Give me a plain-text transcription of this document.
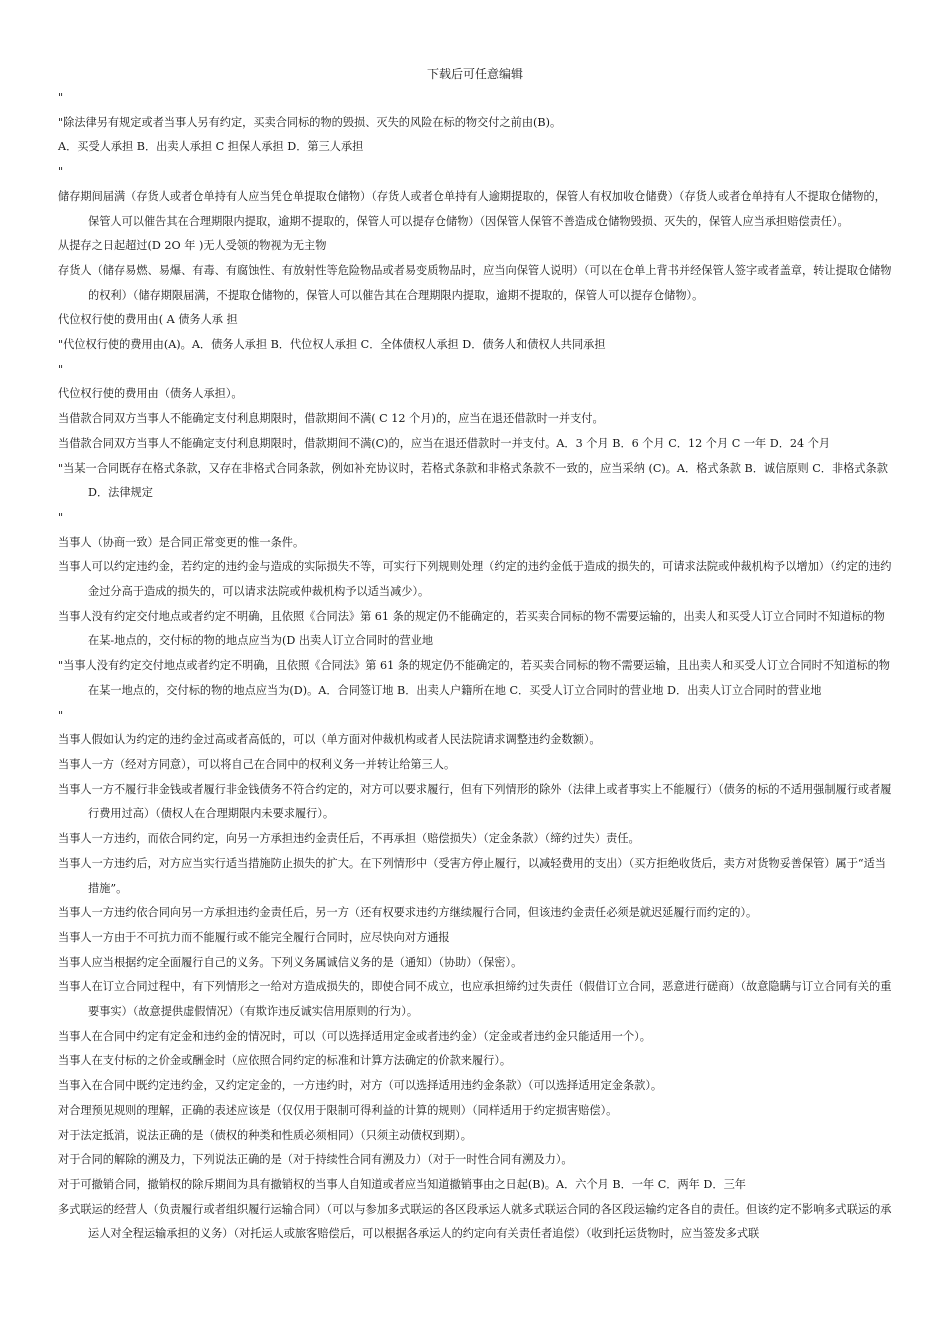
下载后可任意编辑

"

"除法律另有规定或者当事人另有约定，买卖合同标的物的毁损、灭失的风险在标的物交付之前由(B)。

A．买受人承担 B．出卖人承担 C 担保人承担 D．第三人承担

"

储存期间届满（存货人或者仓单持有人应当凭仓单提取仓储物）（存货人或者仓单持有人逾期提取的，保管人有权加收仓储费）（存货人或者仓单持有人不提取仓储物的，保管人可以催告其在合理期限内提取，逾期不提取的，保管人可以提存仓储物）（因保管人保管不善造成仓储物毁损、灭失的，保管人应当承担赔偿责任）。

从提存之日起超过(D 2O 年 )无人受领的物视为无主物

存货人（储存易燃、易爆、有毒、有腐蚀性、有放射性等危险物品或者易变质物品时，应当向保管人说明）（可以在仓单上背书并经保管人签字或者盖章，转让提取仓储物的权利）（储存期限届满，不提取仓储物的，保管人可以催告其在合理期限内提取，逾期不提取的，保管人可以提存仓储物）。

代位权行使的费用由( A 债务人承 担

"代位权行使的费用由(A)。A．债务人承担 B．代位权人承担 C．全体债权人承担 D．债务人和债权人共同承担

"

代位权行使的费用由（债务人承担）。

当借款合同双方当事人不能确定支付利息期限时，借款期间不满( C 12 个月)的，应当在退还借款时一并支付。

当借款合同双方当事人不能确定支付利息期限时，借款期间不满(C)的，应当在退还借款时一并支付。A．3 个月 B．6 个月 C．12 个月 C 一年 D．24 个月

"当某一合同既存在格式条款，又存在非格式合同条款，例如补充协议时，若格式条款和非格式条款不一致的，应当采纳 (C)。A．格式条款 B．诚信原则 C．非格式条款 D．法律规定

"

当事人（协商一致）是合同正常变更的惟一条件。

当事人可以约定违约金，若约定的违约金与造成的实际损失不等，可实行下列规则处理（约定的违约金低于造成的损失的，可请求法院或仲裁机构予以增加）（约定的违约金过分高于造成的损失的，可以请求法院或仲裁机构予以适当减少）。

当事人没有约定交付地点或者约定不明确，且依照《合同法》第 61 条的规定仍不能确定的，若买卖合同标的物不需要运输的，出卖人和买受人订立合同时不知道标的物在某-地点的，交付标的物的地点应当为(D 出卖人订立合同时的营业地

"当事人没有约定交付地点或者约定不明确，且依照《合同法》第 61 条的规定仍不能确定的，若买卖合同标的物不需要运输，且出卖人和买受人订立合同时不知道标的物在某一地点的，交付标的物的地点应当为(D)。A．合同签订地 B．出卖人户籍所在地 C．买受人订立合同时的营业地 D．出卖人订立合同时的营业地

"

当事人假如认为约定的违约金过高或者高低的，可以（单方面对仲裁机构或者人民法院请求调整违约金数额）。

当事人一方（经对方同意），可以将自己在合同中的权利义务一并转让给第三人。

当事人一方不履行非金钱或者履行非金钱债务不符合约定的，对方可以要求履行，但有下列情形的除外（法律上或者事实上不能履行）（债务的标的不适用强制履行或者履行费用过高）（债权人在合理期限内未要求履行）。

当事人一方违约，而依合同约定，向另一方承担违约金责任后，不再承担（赔偿损失）（定金条款）（缔约过失）责任。

当事人一方违约后，对方应当实行适当措施防止损失的扩大。在下列情形中（受害方停止履行，以减轻费用的支出）（买方拒绝收货后，卖方对货物妥善保管）属于“适当措施”。

当事人一方违约依合同向另一方承担违约金责任后，另一方（还有权要求违约方继续履行合同，但该违约金责任必须是就迟延履行而约定的）。

当事人一方由于不可抗力而不能履行或不能完全履行合同时，应尽快向对方通报

当事人应当根据约定全面履行自己的义务。下列义务属诚信义务的是（通知）（协助）（保密）。

当事人在订立合同过程中，有下列情形之一给对方造成损失的，即使合同不成立，也应承担缔约过失责任（假借订立合同，恶意进行磋商）（故意隐瞒与订立合同有关的重要事实）（故意提供虚假情况）（有欺诈违反诚实信用原则的行为）。

当事人在合同中约定有定金和违约金的情况时，可以（可以选择适用定金或者违约金）（定金或者违约金只能适用一个）。

当事人在支付标的之价金或酬金时（应依照合同约定的标准和计算方法确定的价款来履行）。

当事入在合同中既约定违约金，又约定定金的，一方违约时，对方（可以选择适用违约金条款）（可以选择适用定金条款）。

对合理预见规则的理解，正确的表述应该是（仅仅用于限制可得利益的计算的规则）（同样适用于约定损害赔偿）。

对于法定抵消，说法正确的是（债权的种类和性质必须相同）（只须主动债权到期）。

对于合同的解除的溯及力，下列说法正确的是（对于持续性合同有溯及力）（对于一时性合同有溯及力）。

对于可撤销合同，撤销权的除斥期间为具有撤销权的当事人自知道或者应当知道撤销事由之日起(B)。A．六个月 B．一年 C．两年 D．三年

多式联运的经营人（负责履行或者组织履行运输合同）（可以与参加多式联运的各区段承运人就多式联运合同的各区段运输约定各自的责任。但该约定不影响多式联运的承运人对全程运输承担的义务）（对托运人或旅客赔偿后，可以根据各承运人的约定向有关责任者追偿）（收到托运货物时，应当签发多式联
